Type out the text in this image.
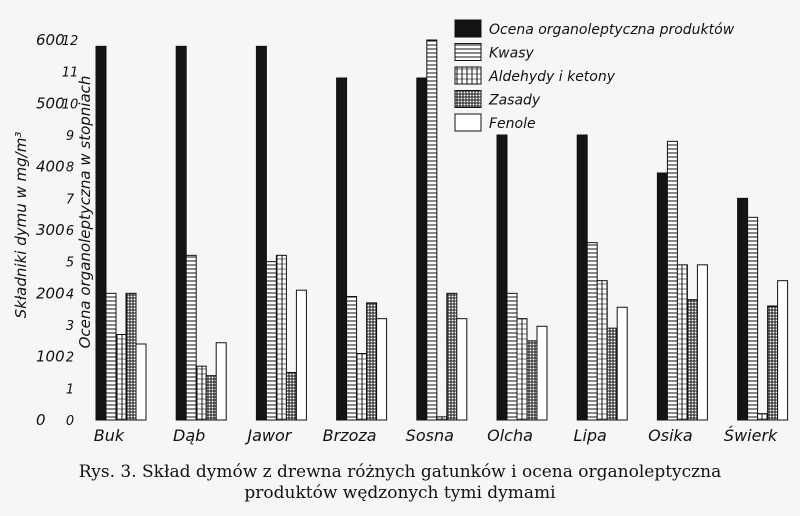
Składniki dymu w mg/m³	Ocena organoleptyczna w stopniach
0
100
200
300
400
500
600
0
1
2
3
4
5
6
7
8
9
10
11
12
Buk	Dąb	Jawor Brzoza Sosna Olcha	Lipa	Osika Świerk
Ocena organoleptyczna produktów
Kwasy
Aldehydy i ketony
Zasady
Fenole
Rys. 3. Skład dymów z drewna różnych gatunków i ocena organoleptyczna
produktów wędzonych tymi dymami
